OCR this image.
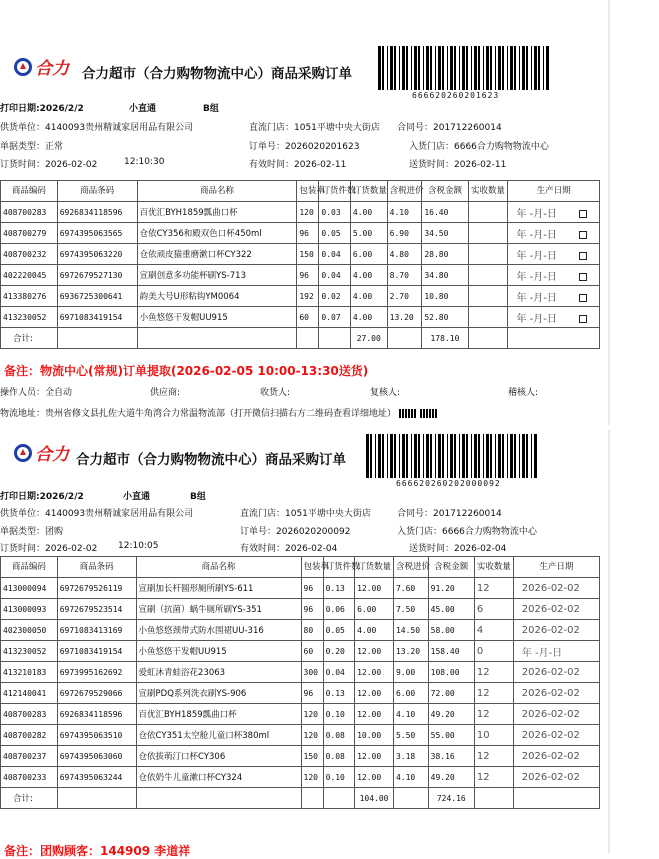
合力 合力超市（合力购物物流中心）商品采购订单
666620260201623
打印日期:2026/2/2	小直通	B组
供货单位：4140093贵州精诚家居用品有限公司	直流门店：1051平塘中央大街店 合同号：201712260014
单据类型：正常	订单号：2026020201623	入货门店：6666合力购物物流中心
订货时间：2026-02-02	12:10:30	有效时间：2026-02-11	送货时间：2026-02-11
商品编码	商品条码	商品名称	包装率	订货件数	订货数量	含税进价	含税金额	实收数量	生产日期
408700283	6926834118596	百优汇BYH1859瓢曲口杯	120	0.03	4.00	4.10	16.40		年 -月-日
408700279	6974395063565	仓依CY356和殿双色口杯450ml	96	0.05	5.00	6.90	34.50		年 -月-日
408700232	6974395063220	仓依顽皮猫重磨漱口杯CY322	150	0.04	6.00	4.80	28.80		年 -月-日
402220045	6972679527130	宣刷创意多功能杯刷YS-713	96	0.04	4.00	8.70	34.80		年 -月-日
413380276	6936725300641	韵美大号U形粘钩YM0064	192	0.02	4.00	2.70	10.80		年 -月-日
413230052	6971083419154	小鱼悠悠干发帽UU915	60	0.07	4.00	13.20	52.80		年 -月-日
合计:					27.00		178.10		
备注：物流中心(常规)订单提取(2026-02-05 10:00-13:30送货)
操作人员：全自动	供应商:	收货人:	复核人:	稽核人:
物流地址：贵州省修文县扎佐大道牛角湾合力常温物流部（打开微信扫描右方二维码查看详细地址）
合力 合力超市（合力购物物流中心）商品采购订单
666620260202000092
打印日期:2026/2/2	小直通	B组
供货单位：4140093贵州精诚家居用品有限公司	直流门店：1051平塘中央大街店	合同号：201712260014
单据类型：团购	订单号：2026020200092	入货门店：6666合力购物物流中心
订货时间：2026-02-02 12:10:05	有效时间：2026-02-04	送货时间：2026-02-04
商品编码	商品条码	商品名称	包装率	订货件数	订货数量	含税进价	含税金额	实收数量	生产日期
413000094	6972679526119	宣刷加长杆圆形厕所刷YS-611	96	0.13	12.00	7.60	91.20	12	2026-02-02
413000093	6972679523514	宣刷（抗菌）蜗牛厕所刷YS-351	96	0.06	6.00	7.50	45.00	6	2026-02-02
402300050	6971083413169	小鱼悠悠颈带式防水围裙UU-316	80	0.05	4.00	14.50	58.00	4	2026-02-02
413230052	6971083419154	小鱼悠悠干发帽UU915	60	0.20	12.00	13.20	158.40	0	年 -月-日
413210183	6973995162692	爱虹沐青蛙浴花23063	300	0.04	12.00	9.00	108.00	12	2026-02-02
412140041	6972679529066	宣刷PDQ系列洗衣刷YS-906	96	0.13	12.00	6.00	72.00	12	2026-02-02
408700283	6926834118596	百优汇BYH1859瓢曲口杯	120	0.10	12.00	4.10	49.20	12	2026-02-02
408700282	6974395063510	仓依CY351太空舱儿童口杯380ml	120	0.08	10.00	5.50	55.00	10	2026-02-02
408700237	6974395063060	仓依拔萌汀口杯CY306	150	0.08	12.00	3.18	38.16	12	2026-02-02
408700233	6974395063244	仓依奶牛儿童漱口杯CY324	120	0.10	12.00	4.10	49.20	12	2026-02-02
合计:					104.00		724.16		
备注：团购顾客：144909 李道祥
